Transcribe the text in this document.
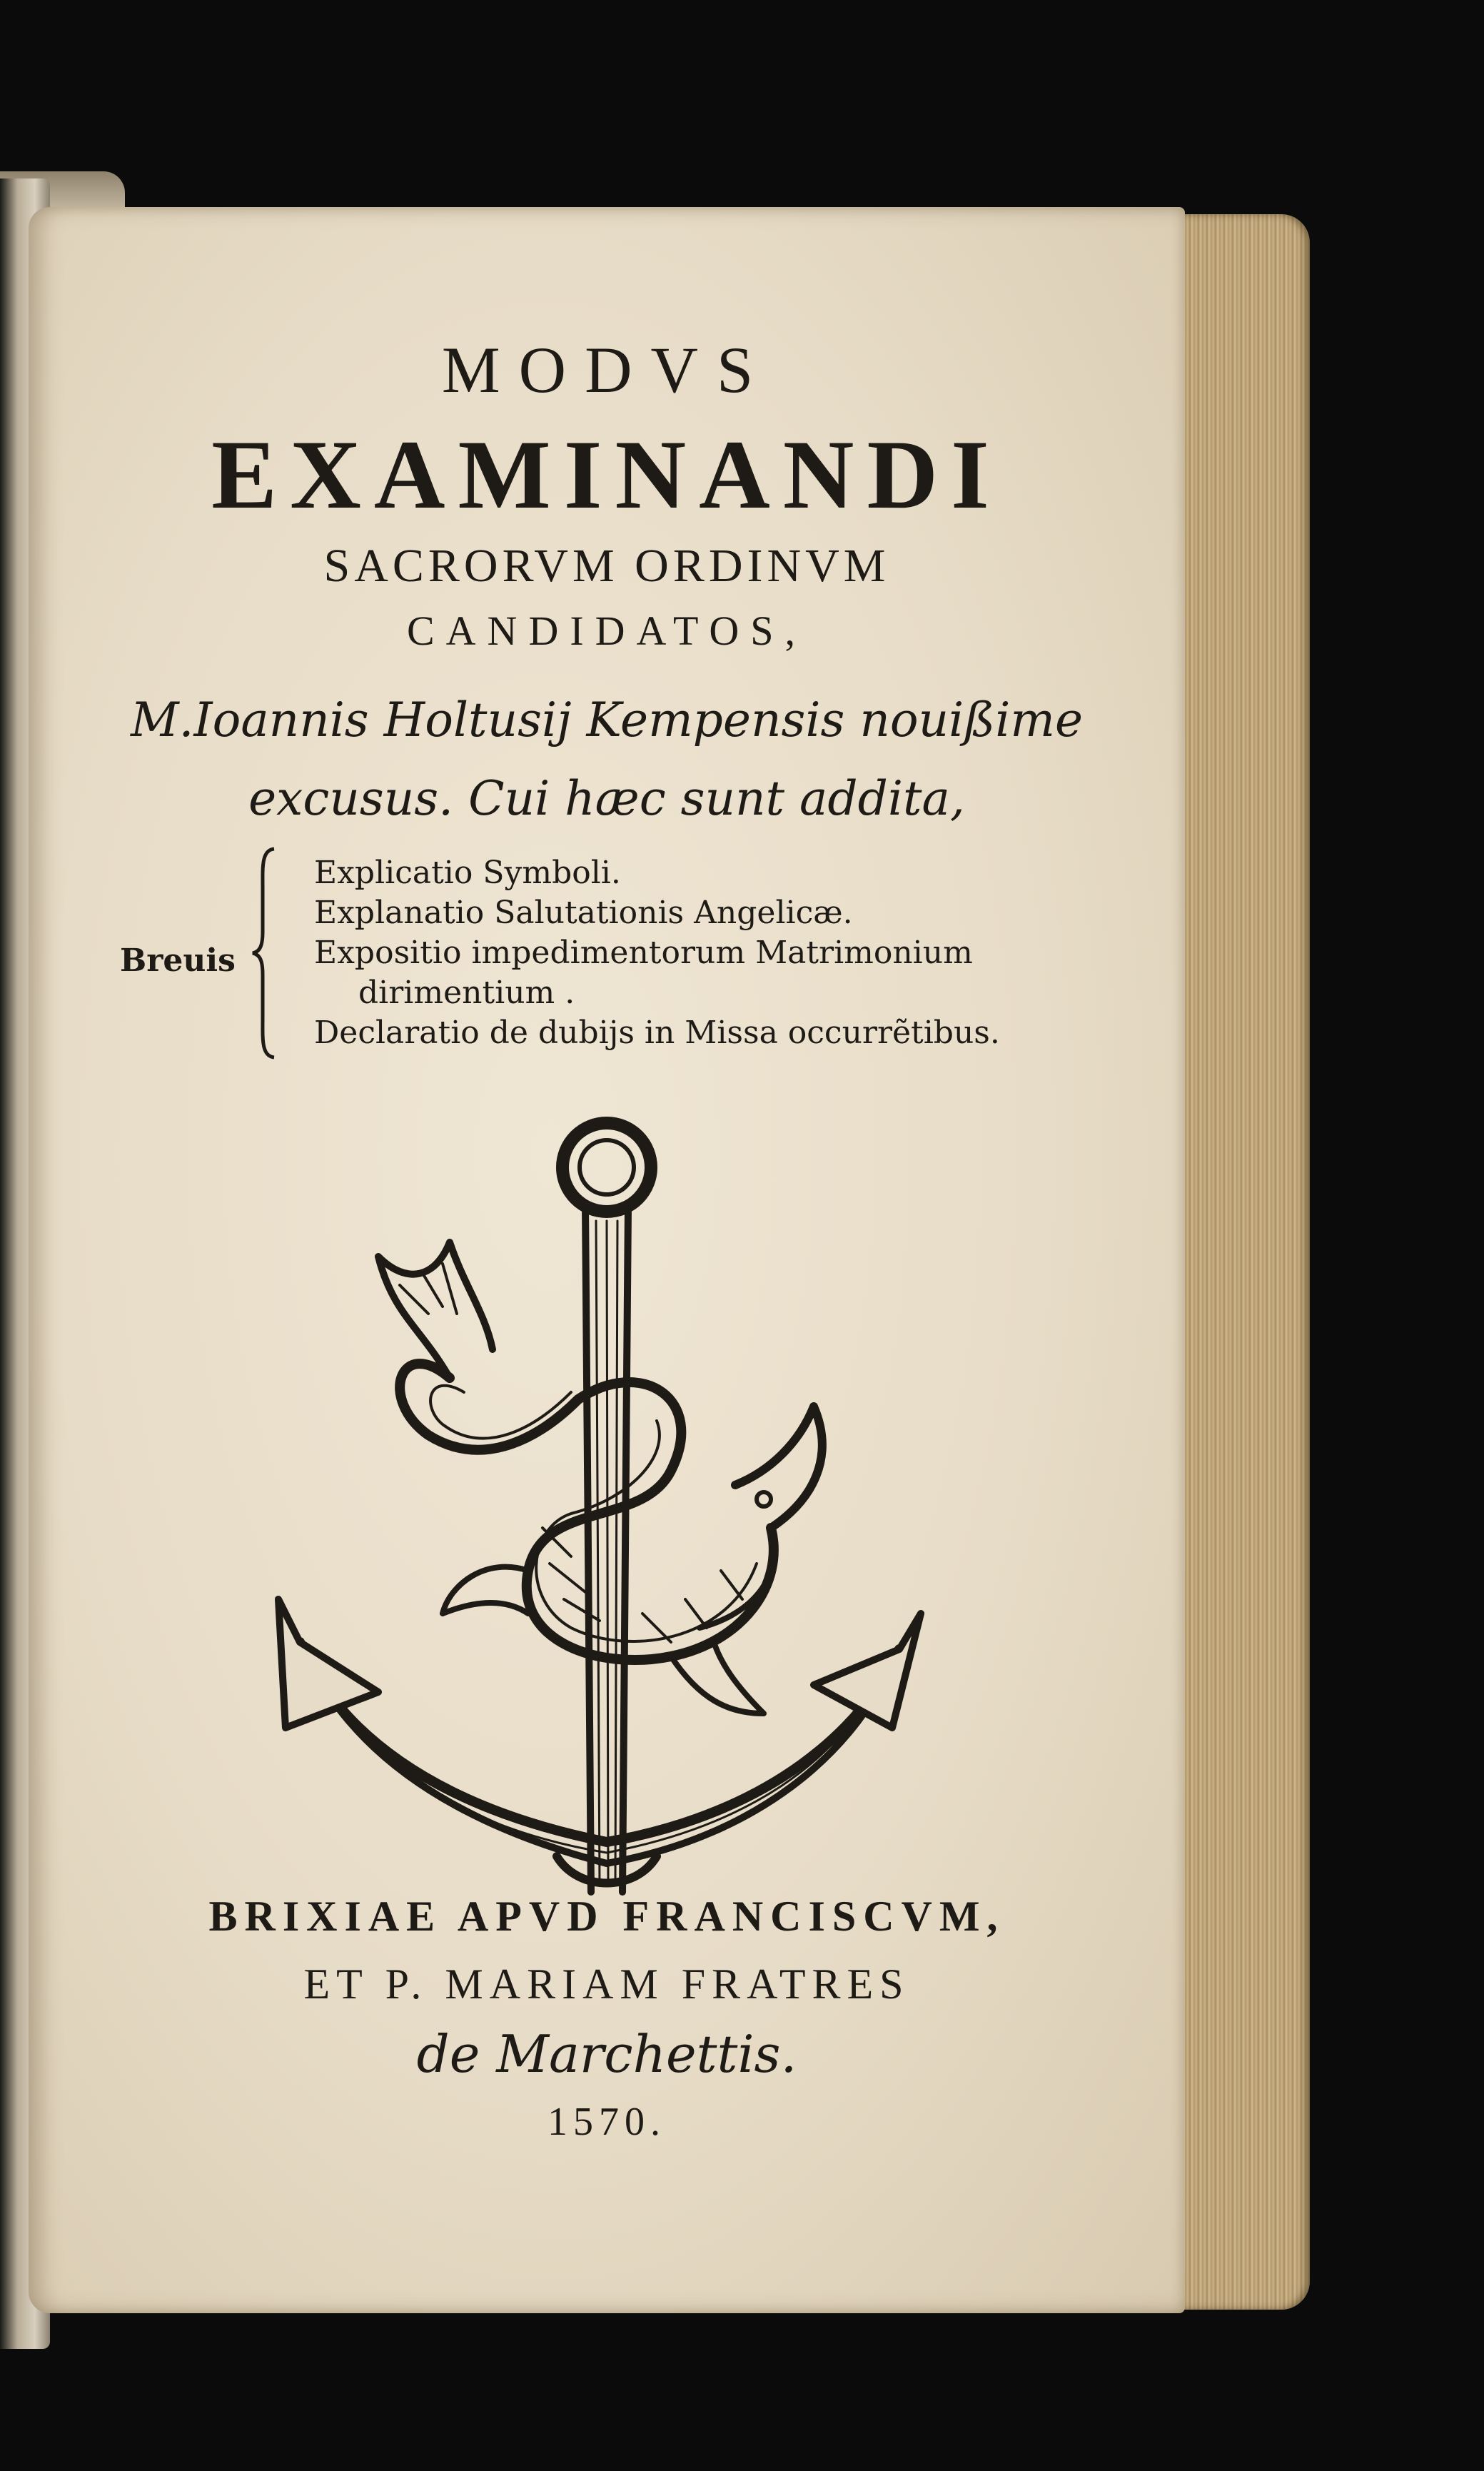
MODVS
EXAMINANDI
SACRORVM ORDINVM
CANDIDATOS,
M.Ioannis Holtusij Kempensis nouißime
excusus. Cui hæc sunt addita,
Breuis
Explicatio Symboli.
Explanatio Salutationis Angelicæ.
Expositio impedimentorum Matrimonium
dirimentium .
Declaratio de dubijs in Missa occurrẽtibus.
BRIXIAE APVD FRANCISCVM,
ET P. MARIAM FRATRES
de Marchettis.
1570.
